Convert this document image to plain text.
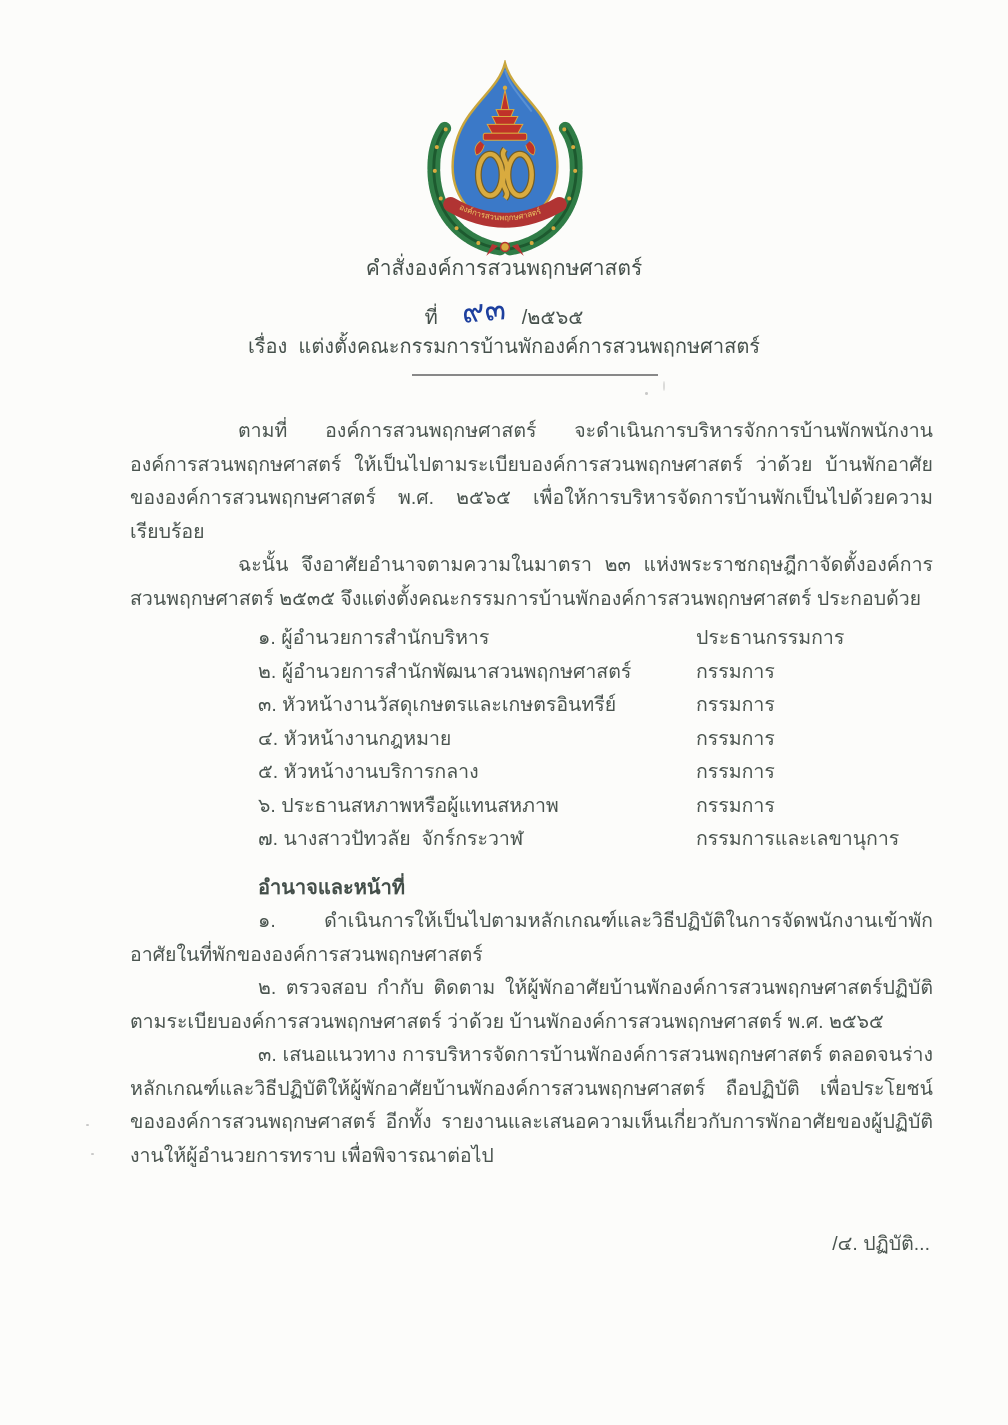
องค์การสวนพฤกษศาสตร์
คำสั่งองค์การสวนพฤกษศาสตร์
ที่ ๙๓ /๒๕๖๕
เรื่อง  แต่งตั้งคณะกรรมการบ้านพักองค์การสวนพฤกษศาสตร์

ตามที่ องค์การสวนพฤกษศาสตร์ จะดำเนินการบริหารจักการบ้านพักพนักงานองค์การสวนพฤกษศาสตร์ ให้เป็นไปตามระเบียบองค์การสวนพฤกษศาสตร์ ว่าด้วย บ้านพักอาศัยขององค์การสวนพฤกษศาสตร์ พ.ศ. ๒๕๖๕ เพื่อให้การบริหารจัดการบ้านพักเป็นไปด้วยความเรียบร้อย

ฉะนั้น จึงอาศัยอำนาจตามความในมาตรา ๒๓ แห่งพระราชกฤษฎีกาจัดตั้งองค์การสวนพฤกษศาสตร์ ๒๕๓๕ จึงแต่งตั้งคณะกรรมการบ้านพักองค์การสวนพฤกษศาสตร์ ประกอบด้วย

๑. ผู้อำนวยการสำนักบริหาร	ประธานกรรมการ
๒. ผู้อำนวยการสำนักพัฒนาสวนพฤกษศาสตร์	กรรมการ
๓. หัวหน้างานวัสดุเกษตรและเกษตรอินทรีย์	กรรมการ
๔. หัวหน้างานกฎหมาย	กรรมการ
๕. หัวหน้างานบริการกลาง	กรรมการ
๖. ประธานสหภาพหรือผู้แทนสหภาพ	กรรมการ
๗. นางสาวปัทวลัย  จักร์กระวาฬ	กรรมการและเลขานุการ
อำนาจและหน้าที่

๑. ดำเนินการให้เป็นไปตามหลักเกณฑ์และวิธีปฏิบัติในการจัดพนักงานเข้าพักอาศัยในที่พักขององค์การสวนพฤกษศาสตร์

๒. ตรวจสอบ กำกับ ติดตาม ให้ผู้พักอาศัยบ้านพักองค์การสวนพฤกษศาสตร์ปฏิบัติตามระเบียบองค์การสวนพฤกษศาสตร์ ว่าด้วย บ้านพักองค์การสวนพฤกษศาสตร์ พ.ศ. ๒๕๖๕

๓. เสนอแนวทาง การบริหารจัดการบ้านพักองค์การสวนพฤกษศาสตร์ ตลอดจนร่างหลักเกณฑ์และวิธีปฏิบัติให้ผู้พักอาศัยบ้านพักองค์การสวนพฤกษศาสตร์ ถือปฏิบัติ เพื่อประโยชน์ขององค์การสวนพฤกษศาสตร์ อีกทั้ง รายงานและเสนอความเห็นเกี่ยวกับการพักอาศัยของผู้ปฏิบัติงานให้ผู้อำนวยการทราบ เพื่อพิจารณาต่อไป

/๔. ปฏิบัติ...
